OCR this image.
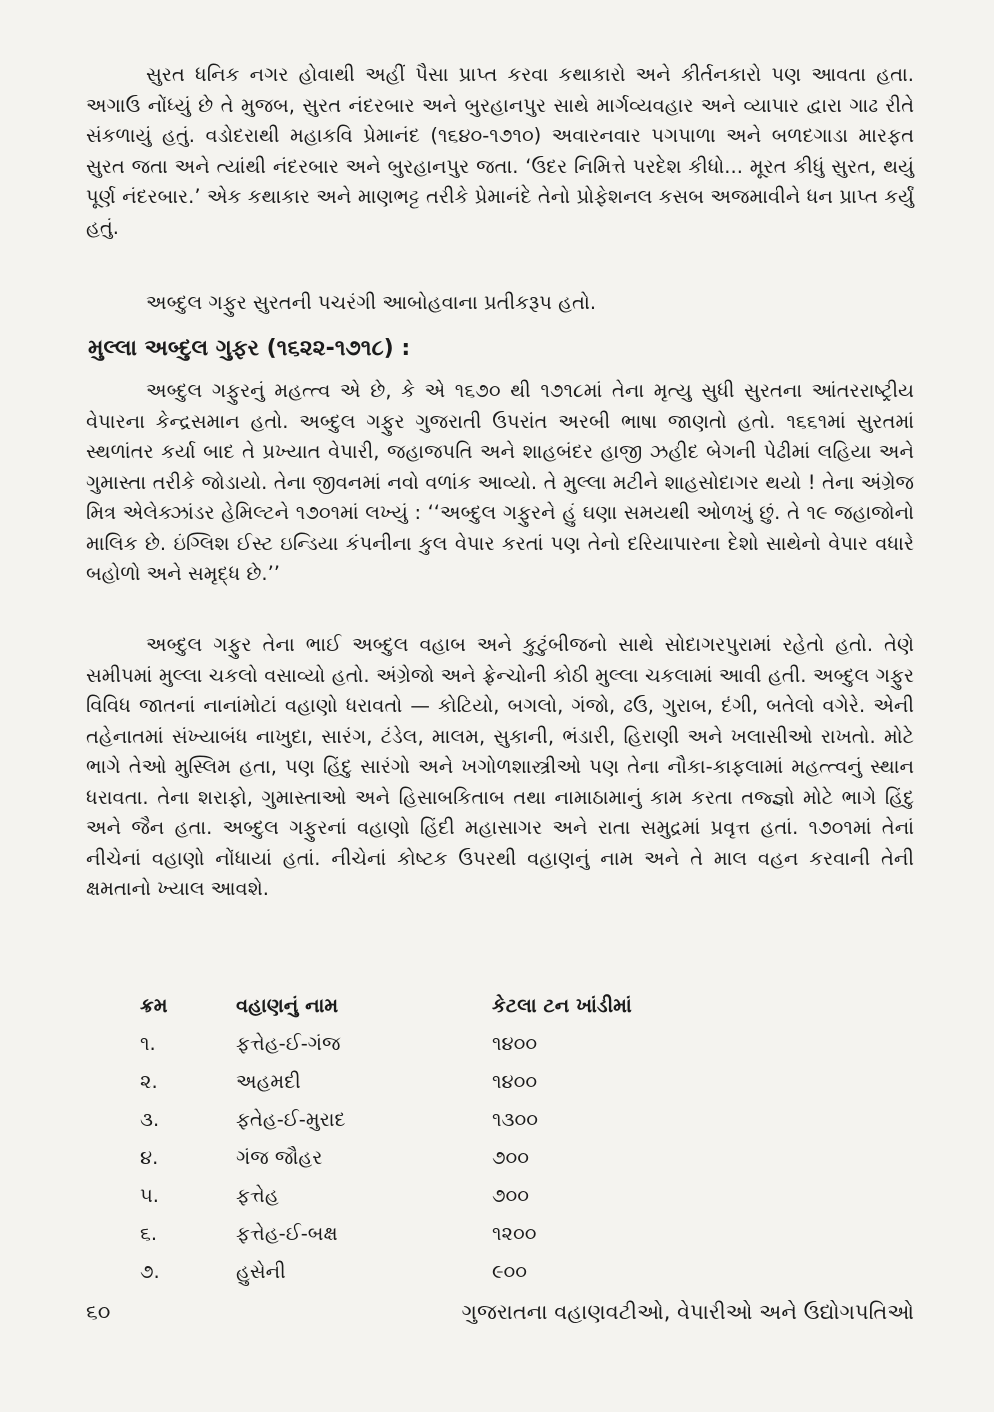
સુરત ધનિક નગર હોવાથી અહીં પૈસા પ્રાપ્ત કરવા કથાકારો અને કીર્તનકારો પણ આવતા હતા. અગાઉ નોંધ્યું છે તે મુજબ, સુરત નંદરબાર અને બુરહાનપુર સાથે માર્ગવ્યવહાર અને વ્યાપાર દ્વારા ગાઢ રીતે સંકળાયું હતું. વડોદરાથી મહાકવિ પ્રેમાનંદ (૧૬૪૦-૧૭૧૦) અવારનવાર પગપાળા અને બળદગાડા મારફત સુરત જતા અને ત્યાંથી નંદરબાર અને બુરહાનપુર જતા. ‘ઉદર નિમિત્તે પરદેશ કીધો... મૂરત કીધું સુરત, થયું પૂર્ણ નંદરબાર.’ એક કથાકાર અને માણભટ્ટ તરીકે પ્રેમાનંદે તેનો પ્રોફેશનલ કસબ અજમાવીને ધન પ્રાપ્ત કર્યું હતું.

અબ્દુલ ગફુર સુરતની પચરંગી આબોહવાના પ્રતીકરૂપ હતો.

મુલ્લા અબ્દુલ ગુફર (૧૬૨૨-૧૭૧૮) :

અબ્દુલ ગફુરનું મહત્ત્વ એ છે, કે એ ૧૬૭૦ થી ૧૭૧૮માં તેના મૃત્યુ સુધી સુરતના આંતરરાષ્ટ્રીય વેપારના કેન્દ્રસમાન હતો. અબ્દુલ ગફુર ગુજરાતી ઉપરાંત અરબી ભાષા જાણતો હતો. ૧૬૬૧માં સુરતમાં સ્થળાંતર કર્યા બાદ તે પ્રખ્યાત વેપારી, જહાજપતિ અને શાહબંદર હાજી ઝહીદ બેગની પેઢીમાં લહિયા અને ગુમાસ્તા તરીકે જોડાયો. તેના જીવનમાં નવો વળાંક આવ્યો. તે મુલ્લા મટીને શાહસોદાગર થયો ! તેના અંગ્રેજ મિત્ર એલેક્ઝાંડર હેમિલ્ટને ૧૭૦૧માં લખ્યું : ‘‘અબ્દુલ ગફુરને હું ઘણા સમયથી ઓળખું છું. તે ૧૯ જહાજોનો માલિક છે. ઇંગ્લિશ ઈસ્ટ ઇન્ડિયા કંપનીના કુલ વેપાર કરતાં પણ તેનો દરિયાપારના દેશો સાથેનો વેપાર વધારે બહોળો અને સમૃદ્ધ છે.’’

અબ્દુલ ગફુર તેના ભાઈ અબ્દુલ વહાબ અને કુટુંબીજનો સાથે સોદાગરપુરામાં રહેતો હતો. તેણે સમીપમાં મુલ્લા ચકલો વસાવ્યો હતો. અંગ્રેજો અને ફ્રેન્ચોની કોઠી મુલ્લા ચકલામાં આવી હતી. અબ્દુલ ગફુર વિવિધ જાતનાં નાનાંમોટાં વહાણો ધરાવતો — કોટિયો, બગલો, ગંજો, ઢઉ, ગુરાબ, દંગી, બતેલો વગેરે. એની તહેનાતમાં સંખ્યાબંધ નાખુદા, સારંગ, ટંડેલ, માલમ, સુકાની, ભંડારી, હિરાણી અને ખલાસીઓ રાખતો. મોટે ભાગે તેઓ મુસ્લિમ હતા, પણ હિંદુ સારંગો અને ખગોળશાસ્ત્રીઓ પણ તેના નૌકા-કાફલામાં મહત્ત્વનું સ્થાન ધરાવતા. તેના શરાફો, ગુમાસ્તાઓ અને હિસાબકિતાબ તથા નામાઠામાનું કામ કરતા તજ્જ્ઞો મોટે ભાગે હિંદુ અને જૈન હતા. અબ્દુલ ગફુરનાં વહાણો હિંદી મહાસાગર અને રાતા સમુદ્રમાં પ્રવૃત્ત હતાં. ૧૭૦૧માં તેનાં નીચેનાં વહાણો નોંધાયાં હતાં. નીચેનાં કોષ્ટક ઉપરથી વહાણનું નામ અને તે માલ વહન કરવાની તેની ક્ષમતાનો ખ્યાલ આવશે.

ક્રમ	વહાણનું નામ	કેટલા ટન ખાંડીમાં
૧.	ફત્તેહ-ઈ-ગંજ	૧૪૦૦
૨.	અહમદી	૧૪૦૦
૩.	ફતેહ-ઈ-મુરાદ	૧૩૦૦
૪.	ગંજ જૌહર	૭૦૦
૫.	ફત્તેહ	૭૦૦
૬.	ફત્તેહ-ઈ-બક્ષ	૧૨૦૦
૭.	હુસેની	૯૦૦
૬૦	ગુજરાતના વહાણવટીઓ, વેપારીઓ અને ઉદ્યોગપતિઓ
